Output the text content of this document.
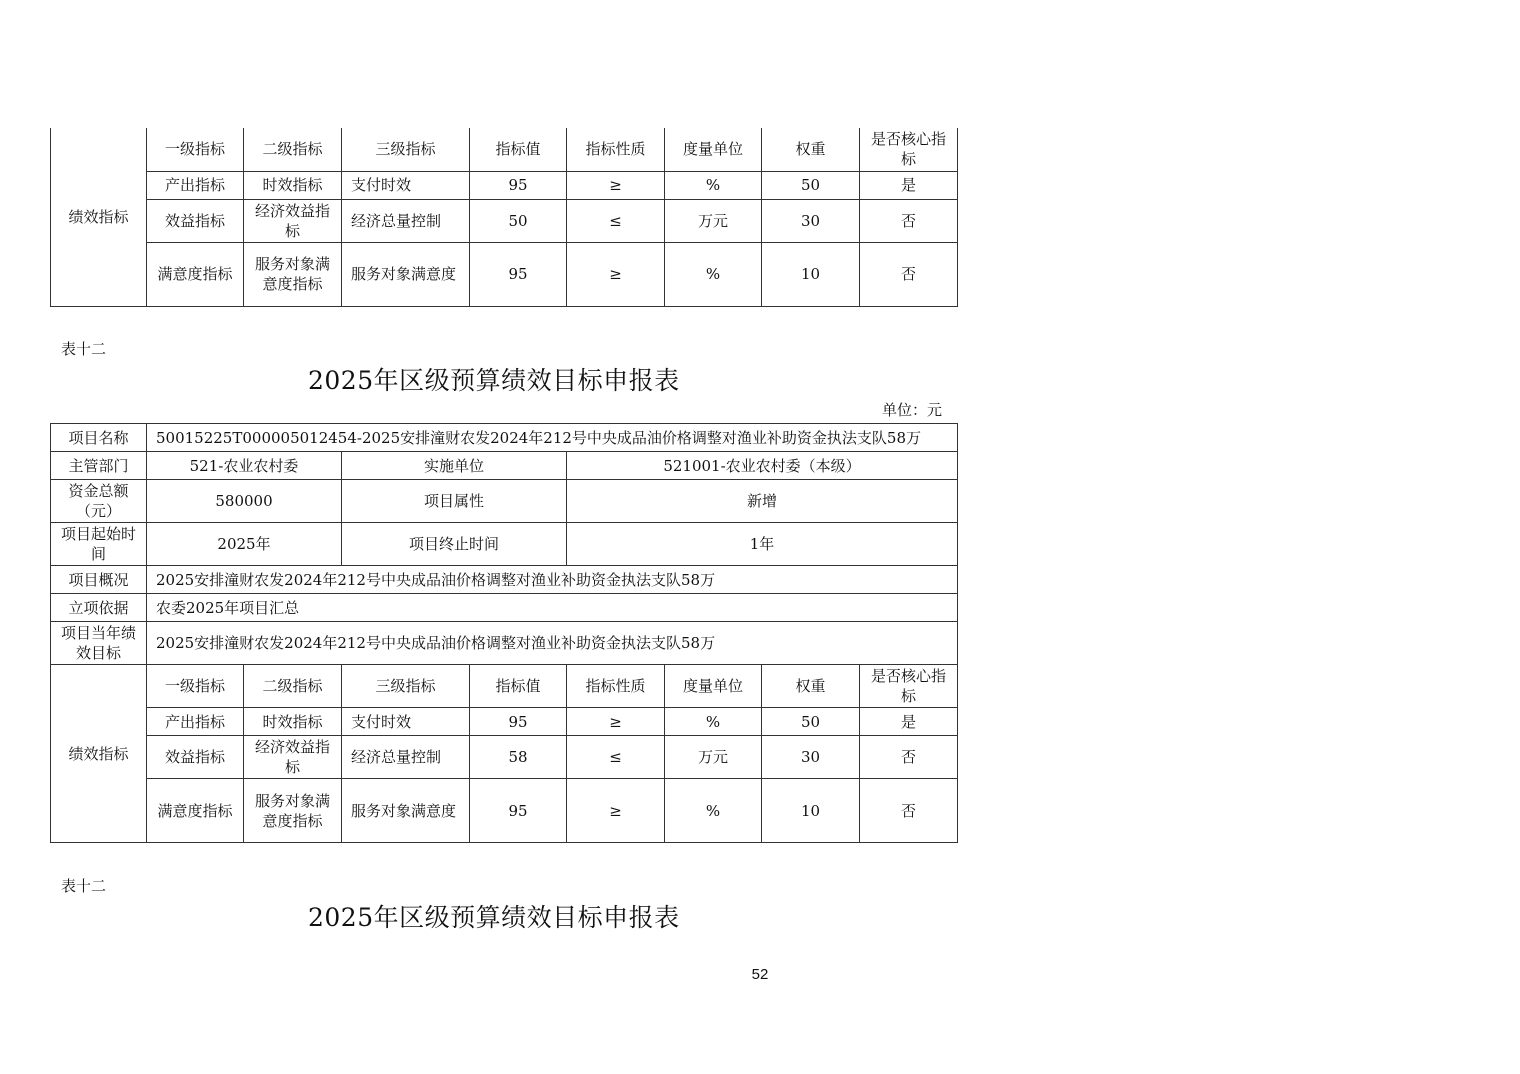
绩效指标	一级指标	二级指标	三级指标	指标值	指标性质	度量单位	权重	是否核心指标
	产出指标	时效指标	支付时效	95	≥	%	50	是
	效益指标	经济效益指标	经济总量控制	50	≤	万元	30	否
	满意度指标	服务对象满意度指标	服务对象满意度	95	≥	%	10	否
表十二
2025年区级预算绩效目标申报表
单位：元
项目名称	50015225T000005012454-2025安排潼财农发2024年212号中央成品油价格调整对渔业补助资金执法支队58万							
主管部门	521-农业农村委		实施单位		521001-农业农村委（本级）			
资金总额（元）	580000		项目属性		新增			
项目起始时间	2025年		项目终止时间		1年			
项目概况	2025安排潼财农发2024年212号中央成品油价格调整对渔业补助资金执法支队58万							
立项依据	农委2025年项目汇总							
项目当年绩效目标	2025安排潼财农发2024年212号中央成品油价格调整对渔业补助资金执法支队58万							
绩效指标	一级指标	二级指标	三级指标	指标值	指标性质	度量单位	权重	是否核心指标
	产出指标	时效指标	支付时效	95	≥	%	50	是
	效益指标	经济效益指标	经济总量控制	58	≤	万元	30	否
	满意度指标	服务对象满意度指标	服务对象满意度	95	≥	%	10	否
表十二
2025年区级预算绩效目标申报表
52
